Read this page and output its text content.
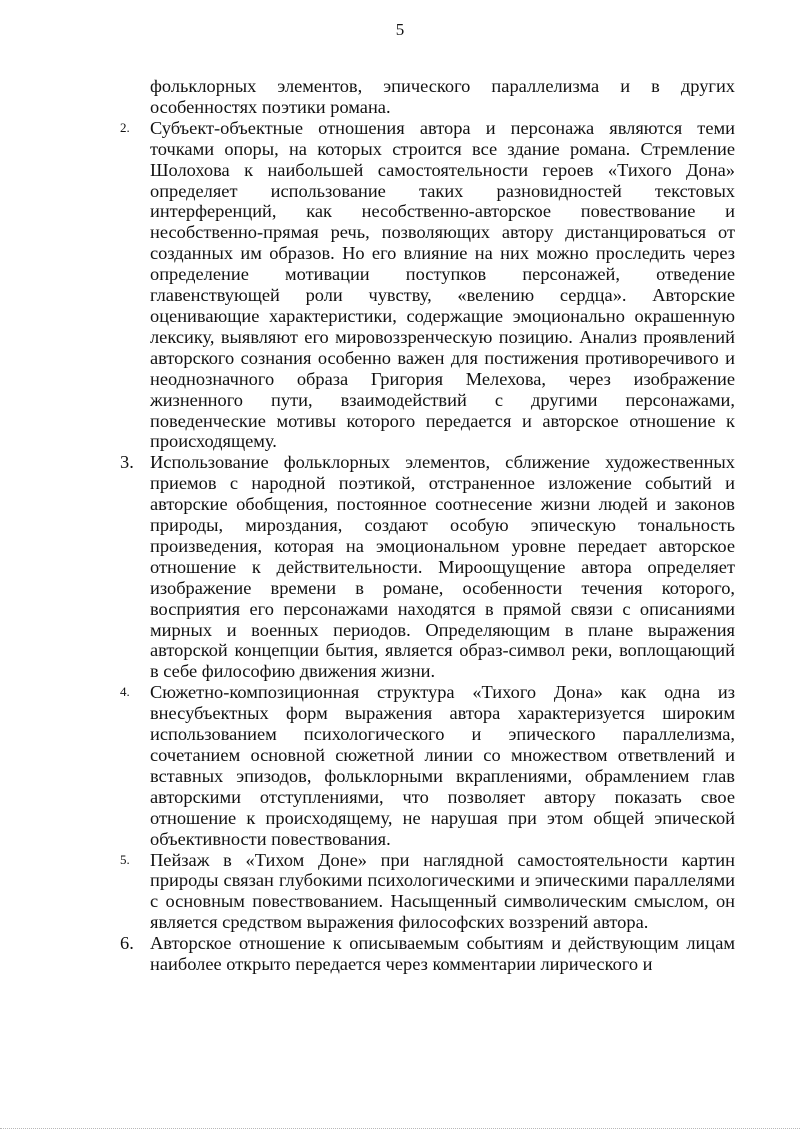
5

фольклорных элементов, эпического параллелизма и в других особенностях поэтики романа.

2.	Субъект-объектные отношения автора и персонажа являются теми точками опоры, на которых строится все здание романа. Стремление Шолохова к наибольшей самостоятельности героев «Тихого Дона» определяет использование таких разновидностей текстовых интерференций, как несобственно-авторское повествование и несобственно-прямая речь, позволяющих автору дистанцироваться от созданных им образов. Но его влияние на них можно проследить через определение мотивации поступков персонажей, отведение главенствующей роли чувству, «велению сердца». Авторские оценивающие характеристики, содержащие эмоционально окрашенную лексику, выявляют его мировоззренческую позицию. Анализ проявлений авторского сознания особенно важен для постижения противоречивого и неоднозначного образа Григория Мелехова, через изображение жизненного пути, взаимодействий с другими персонажами, поведенческие мотивы которого передается и авторское отношение к происходящему.
3. Использование фольклорных элементов, сближение художественных приемов с народной поэтикой, отстраненное изложение событий и авторские обобщения, постоянное соотнесение жизни людей и законов природы, мироздания, создают особую эпическую тональность произведения, которая на эмоциональном уровне передает авторское отношение к действительности. Мироощущение автора определяет изображение времени в романе, особенности течения которого, восприятия его персонажами находятся в прямой связи с описаниями мирных и военных периодов. Определяющим в плане выражения авторской концепции бытия, является образ-символ реки, воплощающий в себе философию движения жизни.
4.	Сюжетно-композиционная структура «Тихого Дона» как одна из внесубъектных форм выражения автора характеризуется широким использованием психологического и эпического параллелизма, сочетанием основной сюжетной линии со множеством ответвлений и вставных эпизодов, фольклорными вкраплениями, обрамлением глав авторскими отступлениями, что позволяет автору показать свое отношение к происходящему, не нарушая при этом общей эпической объективности повествования.
5.	Пейзаж в «Тихом Доне» при наглядной самостоятельности картин природы связан глубокими психологическими и эпическими параллелями с основным повествованием. Насыщенный символическим смыслом, он является средством выражения философских воззрений автора.
6. Авторское отношение к описываемым событиям и действующим лицам наиболее открыто передается через комментарии лирического и
